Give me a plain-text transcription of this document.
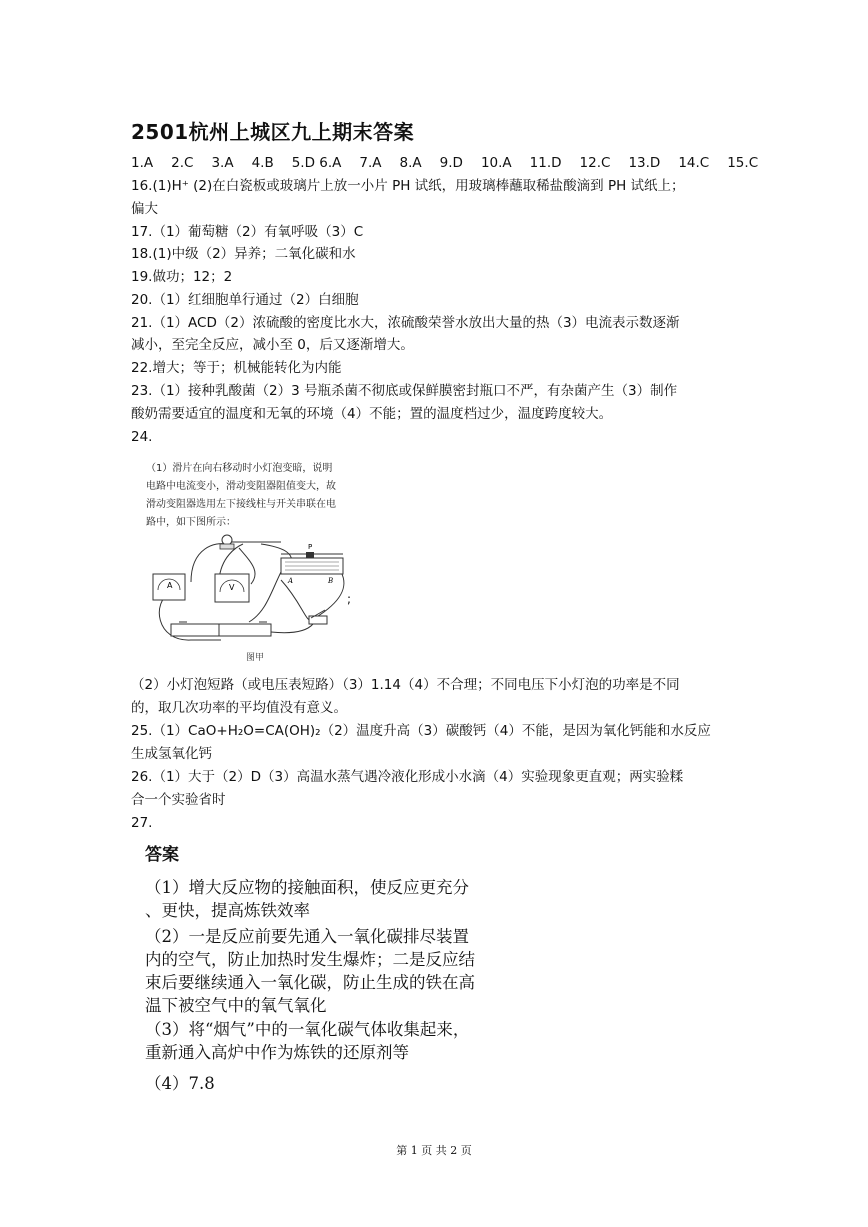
2501杭州上城区九上期末答案
1.A 2.C 3.A 4.B 5.D 6.A 7.A 8.A 9.D 10.A 11.D 12.C 13.D 14.C 15.C
16.(1)H⁺ (2)在白瓷板或玻璃片上放一小片 PH 试纸，用玻璃棒蘸取稀盐酸滴到 PH 试纸上；
偏大
17.（1）葡萄糖（2）有氧呼吸（3）C
18.(1)中级（2）异养；二氧化碳和水
19.做功；12；2
20.（1）红细胞单行通过（2）白细胞
21.（1）ACD（2）浓硫酸的密度比水大，浓硫酸荣誉水放出大量的热（3）电流表示数逐渐
减小，至完全反应，减小至 0，后又逐渐增大。
22.增大；等于；机械能转化为内能
23.（1）接种乳酸菌（2）3 号瓶杀菌不彻底或保鲜膜密封瓶口不严，有杂菌产生（3）制作
酸奶需要适宜的温度和无氧的环境（4）不能；置的温度档过少，温度跨度较大。
24.
（1）滑片在向右移动时小灯泡变暗，说明
电路中电流变小，滑动变阻器阻值变大，故
滑动变阻器选用左下接线柱与开关串联在电
路中，如下图所示：
A	V
P
A	B
;
图甲
（2）小灯泡短路（或电压表短路）（3）1.14（4）不合理；不同电压下小灯泡的功率是不同
的，取几次功率的平均值没有意义。
25.（1）CaO+H₂O=CA(OH)₂（2）温度升高（3）碳酸钙（4）不能，是因为氧化钙能和水反应
生成氢氧化钙
26.（1）大于（2）D（3）高温水蒸气遇冷液化形成小水滴（4）实验现象更直观；两实验糅
合一个实验省时
27.
答案
（1）增大反应物的接触面积，使反应更充分
、更快，提高炼铁效率
（2）一是反应前要先通入一氧化碳排尽装置
内的空气，防止加热时发生爆炸；二是反应结
束后要继续通入一氧化碳，防止生成的铁在高
温下被空气中的氧气氧化
（3）将“烟气”中的一氧化碳气体收集起来，
重新通入高炉中作为炼铁的还原剂等
（4）7.8
第 1 页 共 2 页
